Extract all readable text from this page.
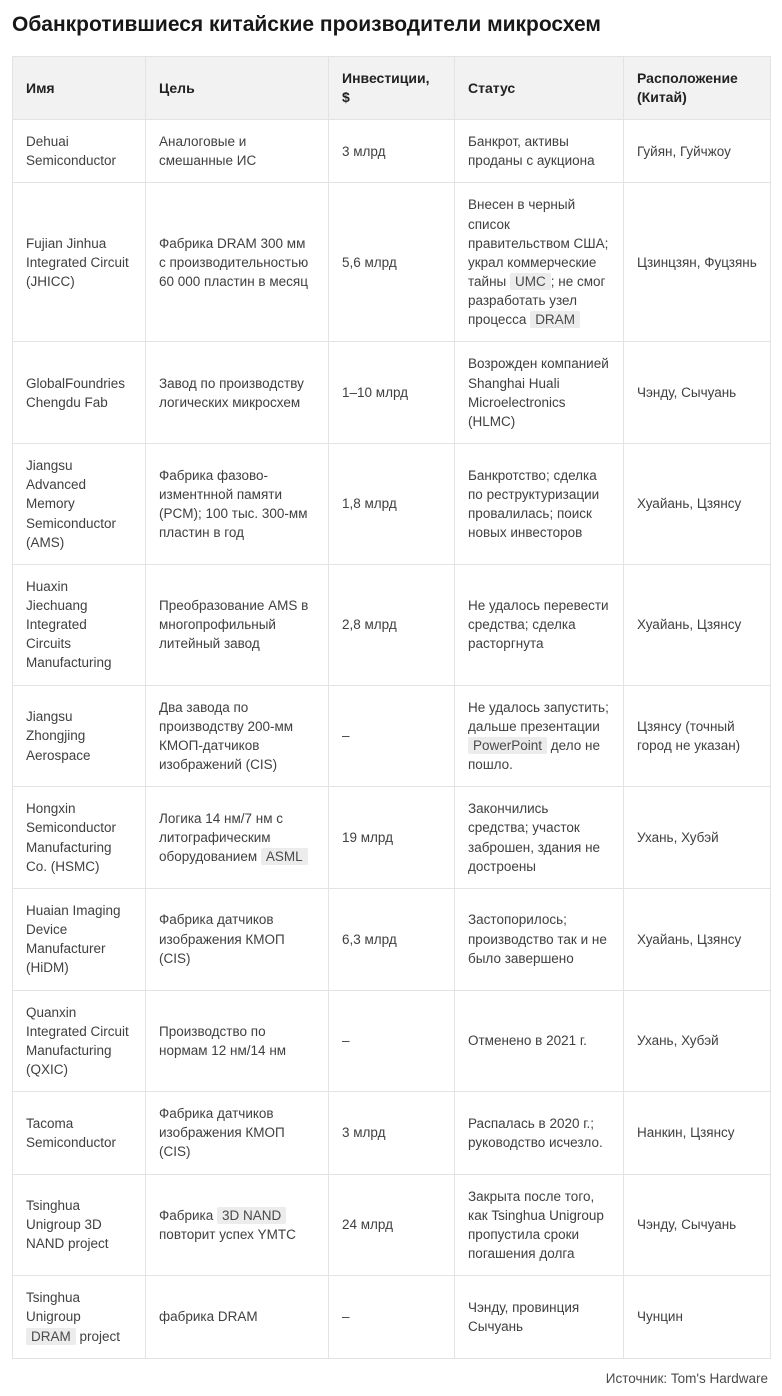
Обанкротившиеся китайские производители микросхем
Имя	Цель	Инвестиции, $	Статус	Расположение (Китай)
Dehuai Semiconductor	Аналоговые и смешанные ИС	3 млрд	Банкрот, активы проданы с аукциона	Гуйян, Гуйчжоу
Fujian Jinhua Integrated Circuit (JHICC)	Фабрика DRAM 300 мм с производительностью 60 000 пластин в месяц	5,6 млрд	Внесен в черный список правительством США; украл коммерческие тайны UMC ; не смог разработать узел процесса DRAM	Цзинцзян, Фуцзянь
GlobalFoundries Chengdu Fab	Завод по производству логических микросхем	1–10 млрд	Возрожден компанией Shanghai Huali Microelectronics (HLMC)	Чэнду, Сычуань
Jiangsu Advanced Memory Semiconductor (AMS)	Фабрика фазово-изментнной памяти (PCM); 100 тыс. 300-мм пластин в год	1,8 млрд	Банкротство; сделка по реструктуризации провалилась; поиск новых инвесторов	Хуайань, Цзянсу
Huaxin Jiechuang Integrated Circuits Manufacturing	Преобразование AMS в многопрофильный литейный завод	2,8 млрд	Не удалось перевести средства; сделка расторгнута	Хуайань, Цзянсу
Jiangsu Zhongjing Aerospace	Два завода по производству 200-мм КМОП-датчиков изображений (CIS)	–	Не удалось запустить; дальше презентации PowerPoint дело не пошло.	Цзянсу (точный город не указан)
Hongxin Semiconductor Manufacturing Co. (HSMC)	Логика 14 нм/7 нм с литографическим оборудованием ASML	19 млрд	Закончились средства; участок заброшен, здания не достроены	Ухань, Хубэй
Huaian Imaging Device Manufacturer (HiDM)	Фабрика датчиков изображения КМОП (CIS)	6,3 млрд	Застопорилось; производство так и не было завершено	Хуайань, Цзянсу
Quanxin Integrated Circuit Manufacturing (QXIC)	Производство по нормам 12 нм/14 нм	–	Отменено в 2021 г.	Ухань, Хубэй
Tacoma Semiconductor	Фабрика датчиков изображения КМОП (CIS)	3 млрд	Распалась в 2020 г.; руководство исчезло.	Нанкин, Цзянсу
Tsinghua Unigroup 3D NAND project	Фабрика 3D NAND повторит успех YMTC	24 млрд	Закрыта после того, как Tsinghua Unigroup пропустила сроки погашения долга	Чэнду, Сычуань
Tsinghua Unigroup DRAM project	фабрика DRAM	–	Чэнду, провинция Сычуань	Чунцин
Источник: Tom's Hardware
